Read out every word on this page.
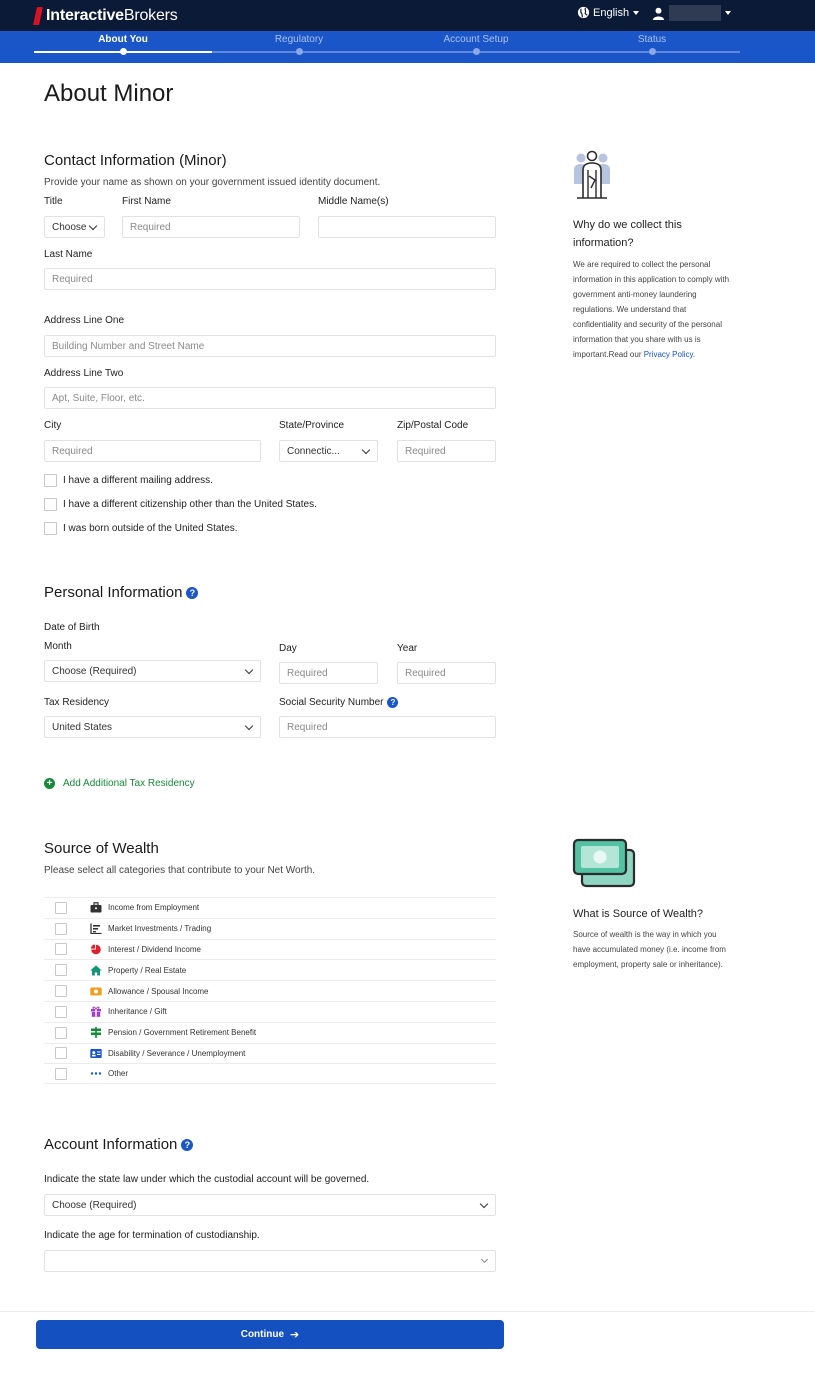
InteractiveBrokers	English
About You	Regulatory	Account Setup	Status
About Minor
Contact Information (Minor)
Provide your name as shown on your government issued identity document.
Title
Choose
First Name
Required
Middle Name(s)
Last Name
Required
Address Line One
Building Number and Street Name
Address Line Two
Apt, Suite, Floor, etc.
City
Required
State/Province
Connectic...
Zip/Postal Code
Required
I have a different mailing address.
I have a different citizenship other than the United States.
I was born outside of the United States.
Why do we collect this information?
We are required to collect the personal information in this application to comply with government anti-money laundering regulations. We understand that confidentiality and security of the personal information that you share with us is important.Read our Privacy Policy.
Personal Information ?
Date of Birth
Month
Choose (Required)
Day
Required
Year
Required
Tax Residency
United States
Social Security Number ?
Required
+ Add Additional Tax Residency
Source of Wealth
Please select all categories that contribute to your Net Worth.
Income from Employment
Market Investments / Trading
Interest / Dividend Income
Property / Real Estate
Allowance / Spousal Income
Inheritance / Gift
Pension / Government Retirement Benefit
Disability / Severance / Unemployment
Other
What is Source of Wealth?
Source of wealth is the way in which you have accumulated money (i.e. income from employment, property sale or inheritance).
Account Information ?
Indicate the state law under which the custodial account will be governed.
Choose (Required)
Indicate the age for termination of custodianship.
Continue ➔
